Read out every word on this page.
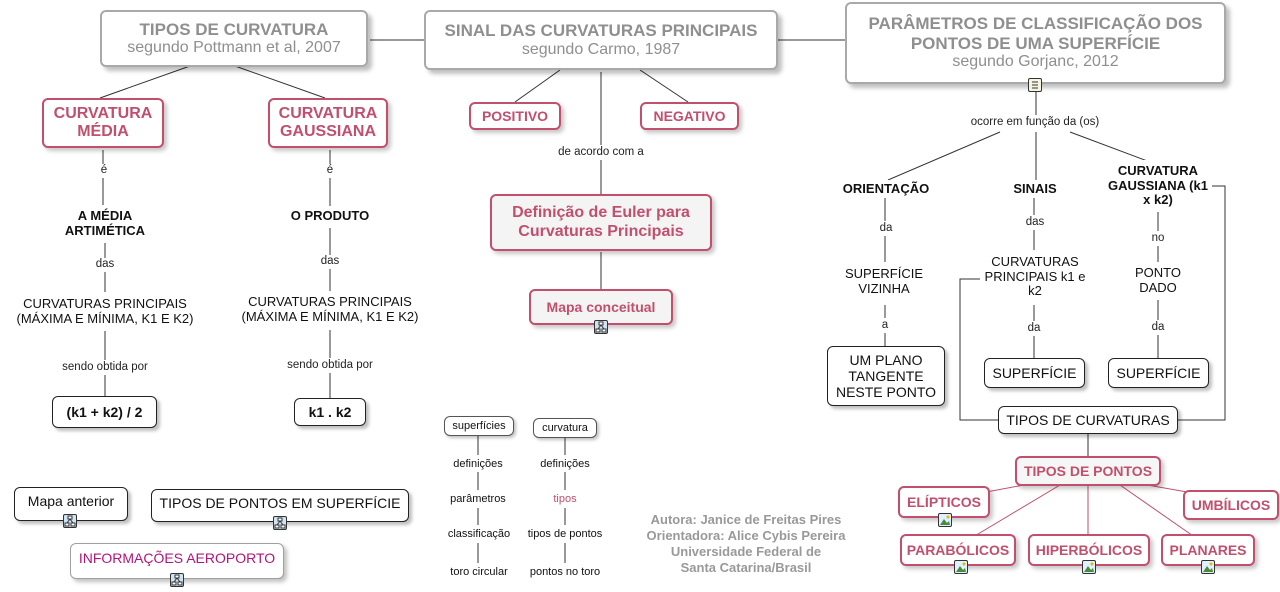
TIPOS DE CURVATURA
segundo Pottmann et al, 2007
SINAL DAS CURVATURAS PRINCIPAIS
segundo Carmo, 1987
PARÂMETROS DE CLASSIFICAÇÃO DOS PONTOS DE UMA SUPERFÍCIE
segundo Gorjanc, 2012
CURVATURA MÉDIA
CURVATURA GAUSSIANA
é	é
A MÉDIA ARTIMÉTICA
O PRODUTO
das	das
CURVATURAS PRINCIPAIS (MÁXIMA E MÍNIMA, K1 E K2)
CURVATURAS PRINCIPAIS (MÁXIMA E MÍNIMA, K1 E K2)
sendo obtida por	sendo obtida por
(k1 + k2) / 2	k1 . k2
POSITIVO	NEGATIVO
de acordo com a
Definição de Euler para Curvaturas Principais
Mapa conceitual
ocorre em função da (os)
ORIENTAÇÃO	SINAIS
CURVATURA GAUSSIANA (k1 x k2)
da	das
no
SUPERFÍCIE VIZINHA
CURVATURAS PRINCIPAIS k1 e k2
PONTO DADO
a	da	da
UM PLANO TANGENTE NESTE PONTO
SUPERFÍCIE	SUPERFÍCIE
TIPOS DE CURVATURAS
TIPOS DE PONTOS
ELÍPTICOS	UMBÍLICOS
PARABÓLICOS	HIPERBÓLICOS	PLANARES
Mapa anterior	TIPOS DE PONTOS EM SUPERFÍCIE
INFORMAÇÕES AEROPORTO
superfícies	curvatura
definições
parâmetros
classificação
toro circular
definições
tipos
tipos de pontos
pontos no toro
Autora: Janice de Freitas Pires
Orientadora: Alice Cybis Pereira
Universidade Federal de
Santa Catarina/Brasil
